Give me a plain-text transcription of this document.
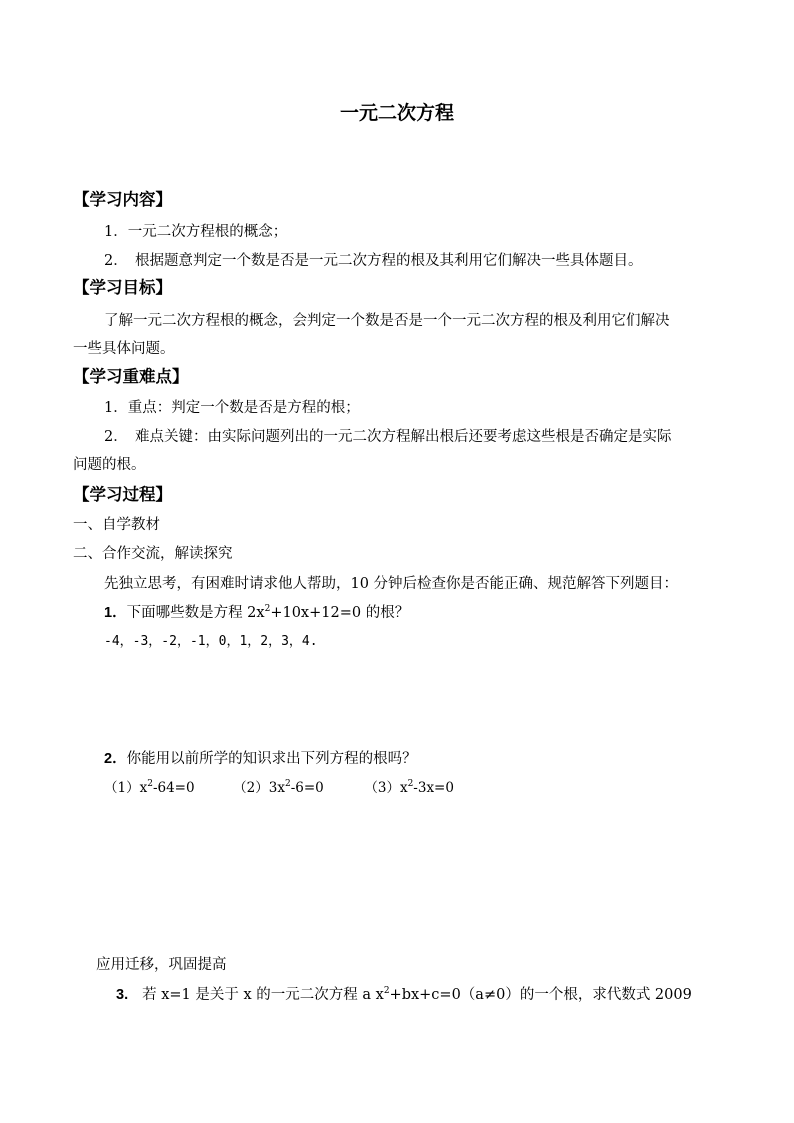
一元二次方程
【学习内容】
1．一元二次方程根的概念；
2．　根据题意判定一个数是否是一元二次方程的根及其利用它们解决一些具体题目。
【学习目标】
了解一元二次方程根的概念，会判定一个数是否是一个一元二次方程的根及利用它们解决
一些具体问题。
【学习重难点】
1．重点：判定一个数是否是方程的根；
2．　难点关键：由实际问题列出的一元二次方程解出根后还要考虑这些根是否确定是实际
问题的根。
【学习过程】
一、自学教材
二、合作交流，解读探究
先独立思考，有困难时请求他人帮助，10 分钟后检查你是否能正确、规范解答下列题目：
1．下面哪些数是方程 $2x^2+10x+12=0$ 的根？
-4，-3，-2，-1，0，1，2，3，4.
2．你能用以前所学的知识求出下列方程的根吗？
$(1)x^2-64=0$	$(2)3x^2-6=0$	$(3)x^2-3x=0$
应用迁移，巩固提高
3. 若 x=1 是关于 x 的一元二次方程 a $x^2+bx+c=0(a\ne 0)$的一个根，求代数式 2009
